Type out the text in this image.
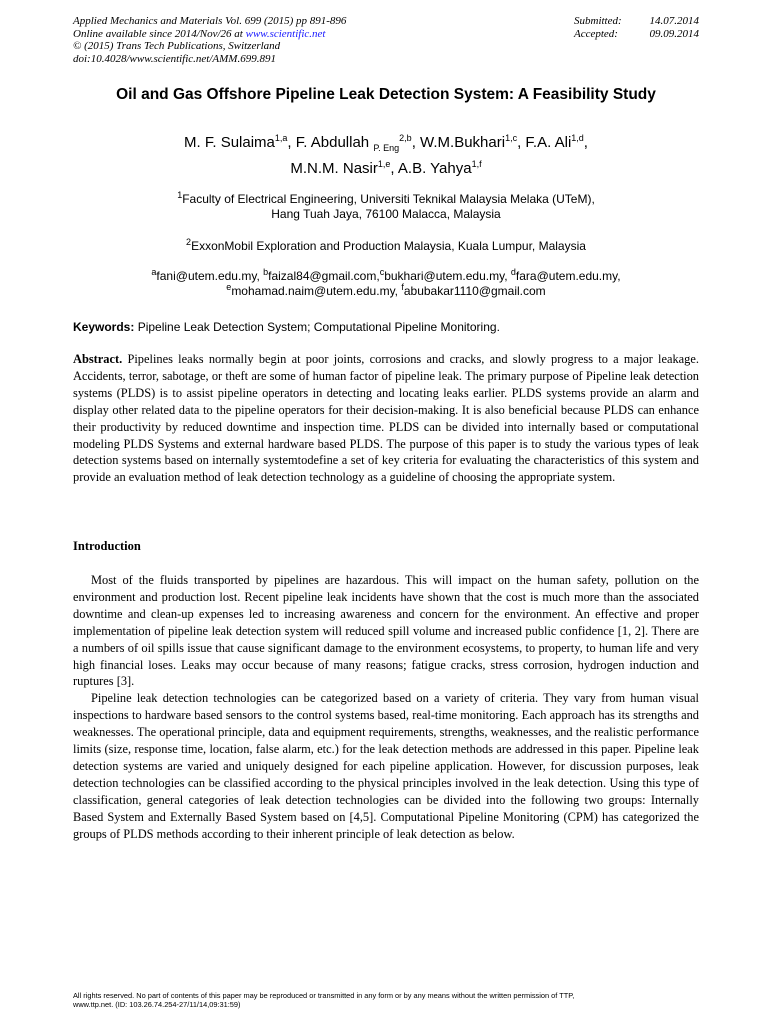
Applied Mechanics and Materials Vol. 699 (2015) pp 891-896
Online available since 2014/Nov/26 at www.scientific.net
© (2015) Trans Tech Publications, Switzerland
doi:10.4028/www.scientific.net/AMM.699.891
Submitted:	14.07.2014
Accepted:	09.09.2014
Oil and Gas Offshore Pipeline Leak Detection System: A Feasibility Study
M. F. Sulaima$^{1,a}$, F. Abdullah $_{P. Eng}^{2,b}$, W.M.Bukhari$^{1,c}$, F.A. Ali$^{1,d}$,
M.N.M. Nasir$^{1,e}$, A.B. Yahya$^{1,f}$
$^1$Faculty of Electrical Engineering, Universiti Teknikal Malaysia Melaka (UTeM),
Hang Tuah Jaya, 76100 Malacca, Malaysia
$^2$ExxonMobil Exploration and Production Malaysia, Kuala Lumpur, Malaysia
$^a$fani@utem.edu.my, $^b$faizal84@gmail.com,$^c$bukhari@utem.edu.my, $^d$fara@utem.edu.my,
$^e$mohamad.naim@utem.edu.my, $^f$abubakar1110@gmail.com
Keywords: Pipeline Leak Detection System; Computational Pipeline Monitoring.
Abstract. Pipelines leaks normally begin at poor joints, corrosions and cracks, and slowly progress to a major leakage. Accidents, terror, sabotage, or theft are some of human factor of pipeline leak. The primary purpose of Pipeline leak detection systems (PLDS) is to assist pipeline operators in detecting and locating leaks earlier. PLDS systems provide an alarm and display other related data to the pipeline operators for their decision-making. It is also beneficial because PLDS can enhance their productivity by reduced downtime and inspection time. PLDS can be divided into internally based or computational modeling PLDS Systems and external hardware based PLDS. The purpose of this paper is to study the various types of leak detection systems based on internally systemtodefine a set of key criteria for evaluating the characteristics of this system and provide an evaluation method of leak detection technology as a guideline of choosing the appropriate system.
Introduction

Most of the fluids transported by pipelines are hazardous. This will impact on the human safety, pollution on the environment and production lost. Recent pipeline leak incidents have shown that the cost is much more than the associated downtime and clean-up expenses led to increasing awareness and concern for the environment. An effective and proper implementation of pipeline leak detection system will reduced spill volume and increased public confidence [1, 2]. There are a numbers of oil spills issue that cause significant damage to the environment ecosystems, to property, to human life and very high financial loses. Leaks may occur because of many reasons; fatigue cracks, stress corrosion, hydrogen induction and ruptures [3].

Pipeline leak detection technologies can be categorized based on a variety of criteria. They vary from human visual inspections to hardware based sensors to the control systems based, real-time monitoring. Each approach has its strengths and weaknesses. The operational principle, data and equipment requirements, strengths, weaknesses, and the realistic performance limits (size, response time, location, false alarm, etc.) for the leak detection methods are addressed in this paper. Pipeline leak detection systems are varied and uniquely designed for each pipeline application. However, for discussion purposes, leak detection technologies can be classified according to the physical principles involved in the leak detection. Using this type of classification, general categories of leak detection technologies can be divided into the following two groups: Internally Based System and Externally Based System based on [4,5]. Computational Pipeline Monitoring (CPM) has categorized the groups of PLDS methods according to their inherent principle of leak detection as below.

All rights reserved. No part of contents of this paper may be reproduced or transmitted in any form or by any means without the written permission of TTP,
www.ttp.net. (ID: 103.26.74.254-27/11/14,09:31:59)
